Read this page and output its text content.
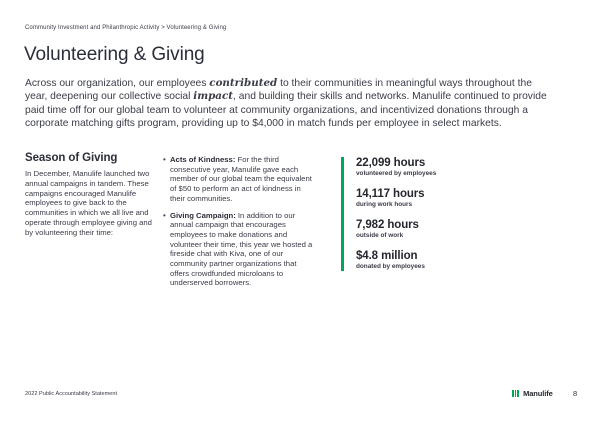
Community Investment and Philanthropic Activity > Volunteering & Giving
Volunteering & Giving

Across our organization, our employees contributed to their communities in meaningful ways throughout the year, deepening our collective social impact, and building their skills and networks. Manulife continued to provide paid time off for our global team to volunteer at community organizations, and incentivized donations through a corporate matching gifts program, providing up to $4,000 in match funds per employee in select markets.

Season of Giving

In December, Manulife launched two annual campaigns in tandem. These campaigns encouraged Manulife employees to give back to the communities in which we all live and operate through employee giving and by volunteering their time:

• Acts of Kindness: For the third consecutive year, Manulife gave each member of our global team the equivalent of $50 to perform an act of kindness in their communities.
• Giving Campaign: In addition to our annual campaign that encourages employees to make donations and volunteer their time, this year we hosted a fireside chat with Kiva, one of our community partner organizations that offers crowdfunded microloans to underserved borrowers.
22,099 hours
volunteered by employees
14,117 hours
during work hours
7,982 hours
outside of work
$4.8 million
donated by employees
2022 Public Accountability Statement	Manulife	8
